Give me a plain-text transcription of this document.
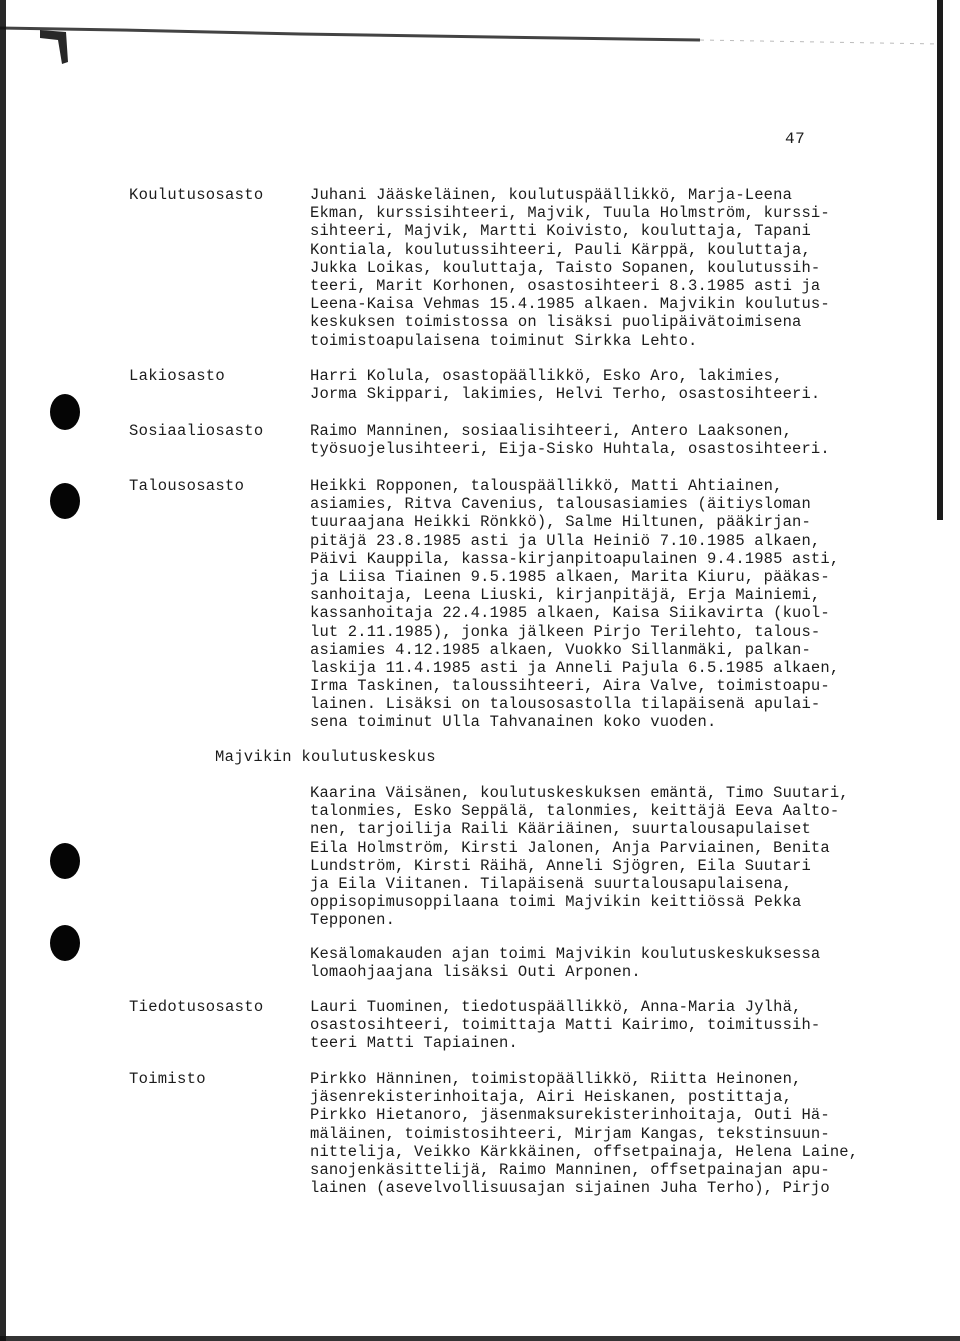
47
Koulutusosasto	Juhani Jääskeläinen, koulutuspäällikkö, Marja-Leena
Ekman, kurssisihteeri, Majvik, Tuula Holmström, kurssi-
sihteeri, Majvik, Martti Koivisto, kouluttaja, Tapani
Kontiala, koulutussihteeri, Pauli Kärppä, kouluttaja,
Jukka Loikas, kouluttaja, Taisto Sopanen, koulutussih-
teeri, Marit Korhonen, osastosihteeri 8.3.1985 asti ja
Leena-Kaisa Vehmas 15.4.1985 alkaen. Majvikin koulutus-
keskuksen toimistossa on lisäksi puolipäivätoimisena
toimistoapulaisena toiminut Sirkka Lehto.
Lakiosasto	Harri Kolula, osastopäällikkö, Esko Aro, lakimies,
Jorma Skippari, lakimies, Helvi Terho, osastosihteeri.
Sosiaaliosasto	Raimo Manninen, sosiaalisihteeri, Antero Laaksonen,
työsuojelusihteeri, Eija-Sisko Huhtala, osastosihteeri.
Talousosasto	Heikki Ropponen, talouspäällikkö, Matti Ahtiainen,
asiamies, Ritva Cavenius, talousasiamies (äitiysloman
tuuraajana Heikki Rönkkö), Salme Hiltunen, pääkirjan-
pitäjä 23.8.1985 asti ja Ulla Heiniö 7.10.1985 alkaen,
Päivi Kauppila, kassa-kirjanpitoapulainen 9.4.1985 asti,
ja Liisa Tiainen 9.5.1985 alkaen, Marita Kiuru, pääkas-
sanhoitaja, Leena Liuski, kirjanpitäjä, Erja Mainiemi,
kassanhoitaja 22.4.1985 alkaen, Kaisa Siikavirta (kuol-
lut 2.11.1985), jonka jälkeen Pirjo Terilehto, talous-
asiamies 4.12.1985 alkaen, Vuokko Sillanmäki, palkan-
laskija 11.4.1985 asti ja Anneli Pajula 6.5.1985 alkaen,
Irma Taskinen, taloussihteeri, Aira Valve, toimistoapu-
lainen. Lisäksi on talousosastolla tilapäisenä apulai-
sena toiminut Ulla Tahvanainen koko vuoden.
Majvikin koulutuskeskus
Kaarina Väisänen, koulutuskeskuksen emäntä, Timo Suutari,
talonmies, Esko Seppälä, talonmies, keittäjä Eeva Aalto-
nen, tarjoilija Raili Kääriäinen, suurtalousapulaiset
Eila Holmström, Kirsti Jalonen, Anja Parviainen, Benita
Lundström, Kirsti Räihä, Anneli Sjögren, Eila Suutari
ja Eila Viitanen. Tilapäisenä suurtalousapulaisena,
oppisopimusoppilaana toimi Majvikin keittiössä Pekka
Tepponen.
Kesälomakauden ajan toimi Majvikin koulutuskeskuksessa
lomaohjaajana lisäksi Outi Arponen.
Tiedotusosasto	Lauri Tuominen, tiedotuspäällikkö, Anna-Maria Jylhä,
osastosihteeri, toimittaja Matti Kairimo, toimitussih-
teeri Matti Tapiainen.
Toimisto	Pirkko Hänninen, toimistopäällikkö, Riitta Heinonen,
jäsenrekisterinhoitaja, Airi Heiskanen, postittaja,
Pirkko Hietanoro, jäsenmaksurekisterinhoitaja, Outi Hä-
mäläinen, toimistosihteeri, Mirjam Kangas, tekstinsuun-
nittelija, Veikko Kärkkäinen, offsetpainaja, Helena Laine,
sanojenkäsittelijä, Raimo Manninen, offsetpainajan apu-
lainen (asevelvollisuusajan sijainen Juha Terho), Pirjo
